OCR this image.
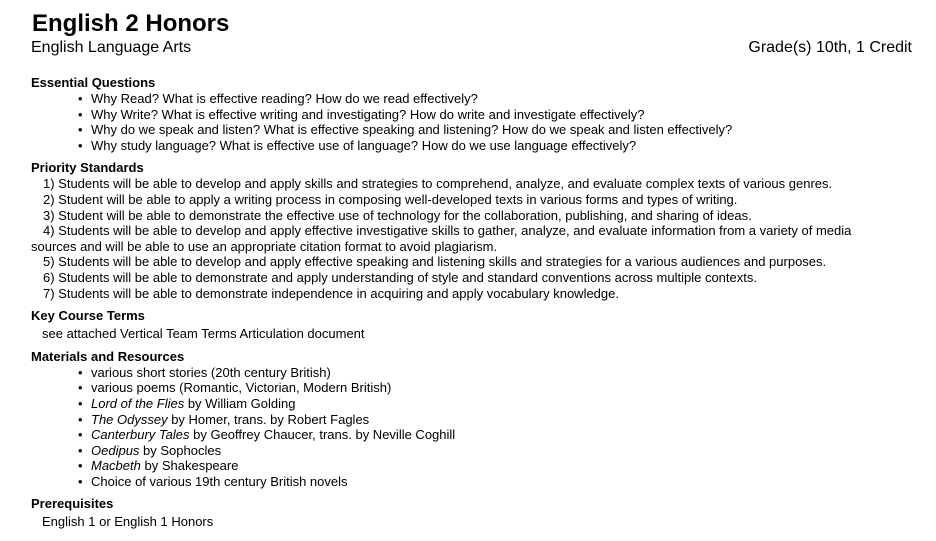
English 2 Honors
English Language Arts	Grade(s) 10th, 1 Credit
Essential Questions
• Why Read? What is effective reading? How do we read effectively?
• Why Write? What is effective writing and investigating? How do write and investigate effectively?
• Why do we speak and listen? What is effective speaking and listening? How do we speak and listen effectively?
• Why study language? What is effective use of language? How do we use language effectively?
Priority Standards
1) Students will be able to develop and apply skills and strategies to comprehend, analyze, and evaluate complex texts of various genres.
2) Student will be able to apply a writing process in composing well-developed texts in various forms and types of writing.
3) Student will be able to demonstrate the effective use of technology for the collaboration, publishing, and sharing of ideas.
4) Students will be able to develop and apply effective investigative skills to gather, analyze, and evaluate information from a variety of media
sources and will be able to use an appropriate citation format to avoid plagiarism.
5) Students will be able to develop and apply effective speaking and listening skills and strategies for a various audiences and purposes.
6) Students will be able to demonstrate and apply understanding of style and standard conventions across multiple contexts.
7) Students will be able to demonstrate independence in acquiring and apply vocabulary knowledge.
Key Course Terms
see attached Vertical Team Terms Articulation document
Materials and Resources
• various short stories (20th century British)
• various poems (Romantic, Victorian, Modern British)
• Lord of the Flies by William Golding
• The Odyssey by Homer, trans. by Robert Fagles
• Canterbury Tales by Geoffrey Chaucer, trans. by Neville Coghill
• Oedipus by Sophocles
• Macbeth by Shakespeare
• Choice of various 19th century British novels
Prerequisites
English 1 or English 1 Honors
